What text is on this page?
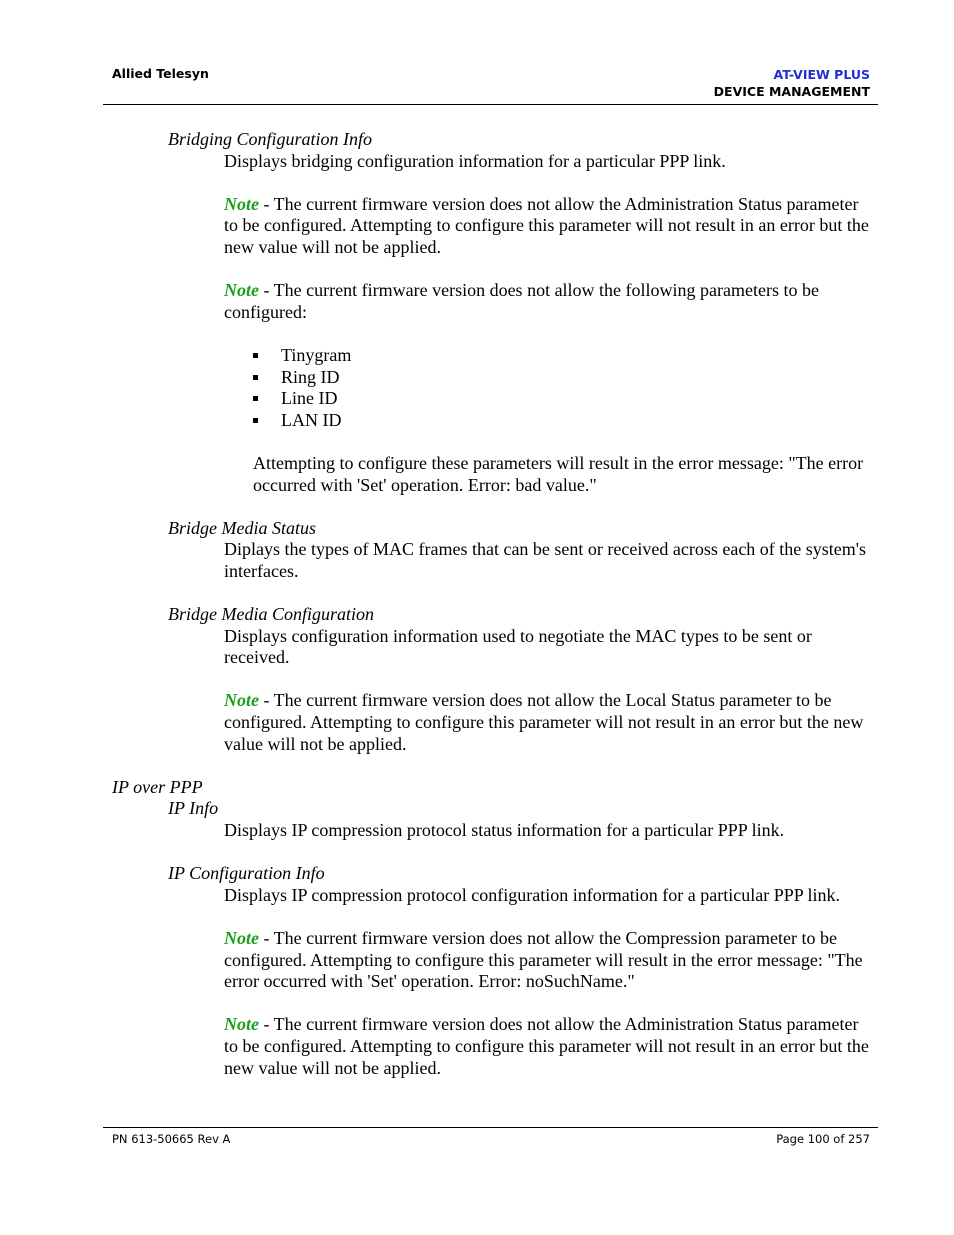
Allied Telesyn	AT-VIEW PLUS
DEVICE MANAGEMENT
Bridging Configuration Info
Displays bridging configuration information for a particular PPP link.
Note - The current firmware version does not allow the Administration Status parameter to be configured. Attempting to configure this parameter will not result in an error but the new value will not be applied.
Note - The current firmware version does not allow the following parameters to be configured:
Tinygram
Ring ID
Line ID
LAN ID
Attempting to configure these parameters will result in the error message: "The error occurred with 'Set' operation. Error: bad value."
Bridge Media Status
Diplays the types of MAC frames that can be sent or received across each of the system's interfaces.
Bridge Media Configuration
Displays configuration information used to negotiate the MAC types to be sent or received.
Note - The current firmware version does not allow the Local Status parameter to be configured. Attempting to configure this parameter will not result in an error but the new value will not be applied.
IP over PPP
IP Info
Displays IP compression protocol status information for a particular PPP link.
IP Configuration Info
Displays IP compression protocol configuration information for a particular PPP link.
Note - The current firmware version does not allow the Compression parameter to be configured. Attempting to configure this parameter will result in the error message: "The error occurred with 'Set' operation. Error: noSuchName."
Note - The current firmware version does not allow the Administration Status parameter to be configured. Attempting to configure this parameter will not result in an error but the new value will not be applied.
PN 613-50665 Rev A	Page 100 of 257
